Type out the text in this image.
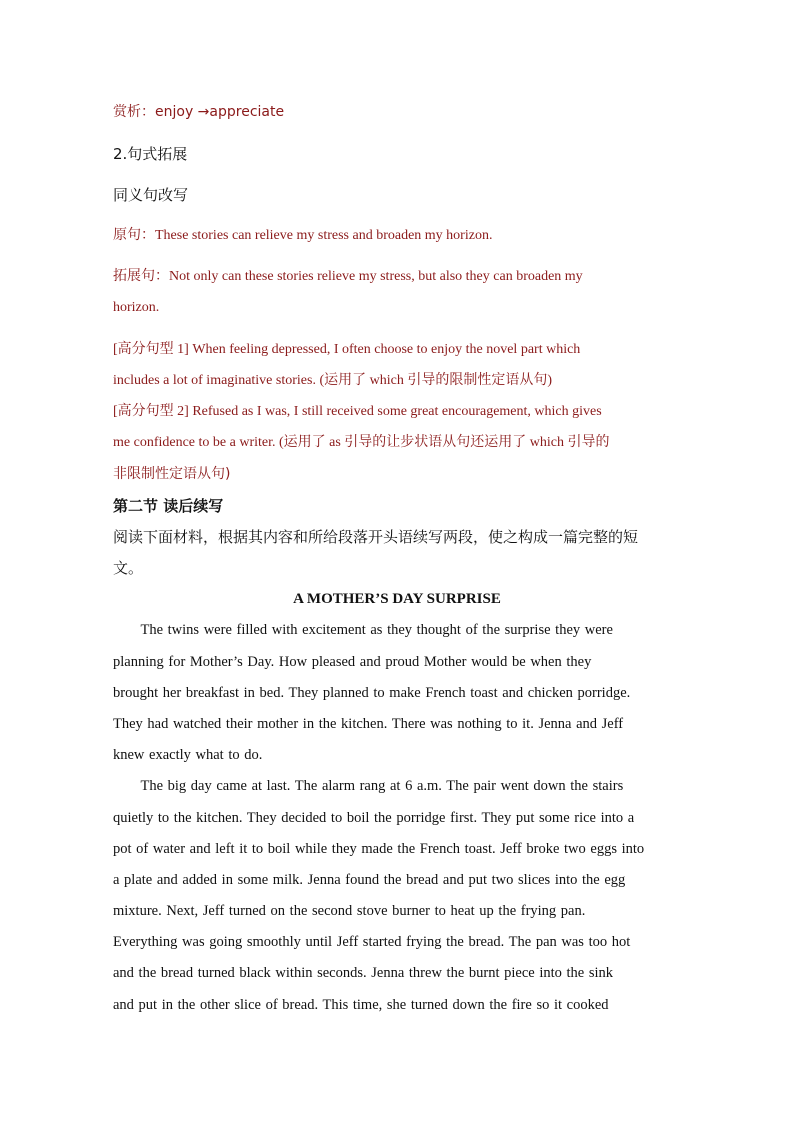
赏析：enjoy →appreciate
2.句式拓展
同义句改写
原句：These stories can relieve my stress and broaden my horizon.
拓展句：Not only can these stories relieve my stress, but also they can broaden my
horizon.
[高分句型 1] When feeling depressed, I often choose to enjoy the novel part which
includes a lot of imaginative stories. (运用了 which 引导的限制性定语从句)
[高分句型 2] Refused as I was, I still received some great encouragement, which gives
me confidence to be a writer. (运用了 as 引导的让步状语从句还运用了 which 引导的
非限制性定语从句)
第二节 读后续写
阅读下面材料，根据其内容和所给段落开头语续写两段，使之构成一篇完整的短
文。
A MOTHER’S DAY SURPRISE
The twins were filled with excitement as they thought of the surprise they were
planning for Mother’s Day. How pleased and proud Mother would be when they
brought her breakfast in bed. They planned to make French toast and chicken porridge.
They had watched their mother in the kitchen. There was nothing to it. Jenna and Jeff
knew exactly what to do.
The big day came at last. The alarm rang at 6 a.m. The pair went down the stairs
quietly to the kitchen. They decided to boil the porridge first. They put some rice into a
pot of water and left it to boil while they made the French toast. Jeff broke two eggs into
a plate and added in some milk. Jenna found the bread and put two slices into the egg
mixture. Next, Jeff turned on the second stove burner to heat up the frying pan.
Everything was going smoothly until Jeff started frying the bread. The pan was too hot
and the bread turned black within seconds. Jenna threw the burnt piece into the sink
and put in the other slice of bread. This time, she turned down the fire so it cooked
